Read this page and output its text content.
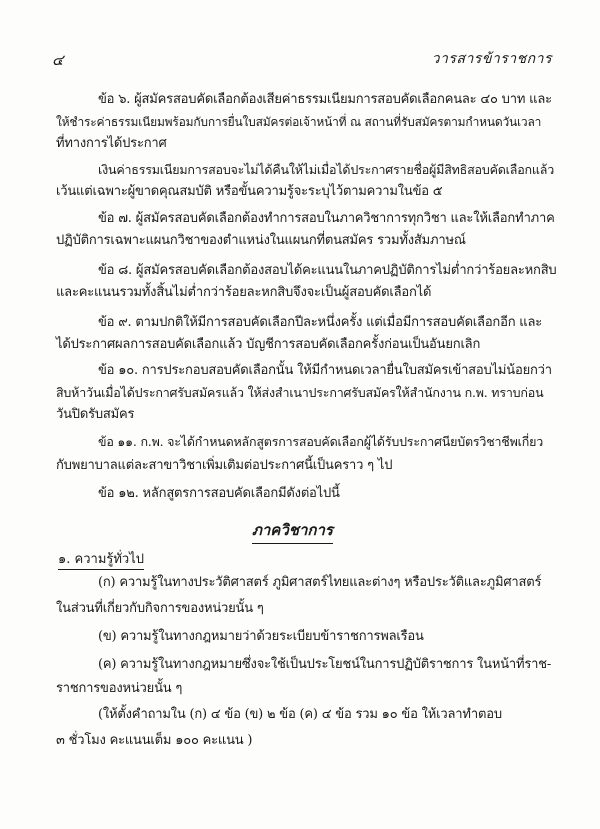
๔	วารสารข้าราชการ
ข้อ ๖. ผู้สมัครสอบคัดเลือกต้องเสียค่าธรรมเนียมการสอบคัดเลือกคนละ ๔๐ บาท และ
ให้ชำระค่าธรรมเนียมพร้อมกับการยื่นใบสมัครต่อเจ้าหน้าที่ ณ สถานที่รับสมัครตามกำหนดวันเวลา
ที่ทางการได้ประกาศ
เงินค่าธรรมเนียมการสอบจะไม่ได้คืนให้ไม่เมื่อได้ประกาศรายชื่อผู้มีสิทธิสอบคัดเลือกแล้ว
เว้นแต่เฉพาะผู้ขาดคุณสมบัติ หรือขั้นความรู้จะระบุไว้ตามความในข้อ ๕
ข้อ ๗. ผู้สมัครสอบคัดเลือกต้องทำการสอบในภาควิชาการทุกวิชา และให้เลือกทำภาค
ปฏิบัติการเฉพาะแผนกวิชาของตำแหน่งในแผนกที่ตนสมัคร รวมทั้งสัมภาษณ์
ข้อ ๘. ผู้สมัครสอบคัดเลือกต้องสอบได้คะแนนในภาคปฏิบัติการไม่ต่ำกว่าร้อยละหกสิบ
และคะแนนรวมทั้งสิ้นไม่ต่ำกว่าร้อยละหกสิบจึงจะเป็นผู้สอบคัดเลือกได้
ข้อ ๙. ตามปกติให้มีการสอบคัดเลือกปีละหนึ่งครั้ง แต่เมื่อมีการสอบคัดเลือกอีก และ
ได้ประกาศผลการสอบคัดเลือกแล้ว บัญชีการสอบคัดเลือกครั้งก่อนเป็นอันยกเลิก
ข้อ ๑๐. การประกอบสอบคัดเลือกนั้น ให้มีกำหนดเวลายื่นใบสมัครเข้าสอบไม่น้อยกว่า
สิบห้าวันเมื่อได้ประกาศรับสมัครแล้ว ให้ส่งสำเนาประกาศรับสมัครให้สำนักงาน ก.พ. ทราบก่อน
วันปิดรับสมัคร
ข้อ ๑๑. ก.พ. จะได้กำหนดหลักสูตรการสอบคัดเลือกผู้ได้รับประกาศนียบัตรวิชาชีพเกี่ยว
กับพยาบาลแต่ละสาขาวิชาเพิ่มเติมต่อประกาศนี้เป็นคราว ๆ ไป
ข้อ ๑๒. หลักสูตรการสอบคัดเลือกมีดังต่อไปนี้
(ก) ความรู้ในทางประวัติศาสตร์ ภูมิศาสตร์ไทยและต่างๆ หรือประวัติและภูมิศาสตร์
ในส่วนที่เกี่ยวกับกิจการของหน่วยนั้น ๆ
(ข) ความรู้ในทางกฎหมายว่าด้วยระเบียบข้าราชการพลเรือน
(ค) ความรู้ในทางกฎหมายซึ่งจะใช้เป็นประโยชน์ในการปฏิบัติราชการ ในหน้าที่ราช-
ราชการของหน่วยนั้น ๆ
(ให้ตั้งคำถามใน (ก) ๔ ข้อ (ข) ๒ ข้อ (ค) ๔ ข้อ รวม ๑๐ ข้อ ให้เวลาทำตอบ
๓ ชั่วโมง คะแนนเต็ม ๑๐๐ คะแนน )
ภาควิชาการ
๑. ความรู้ทั่วไป
